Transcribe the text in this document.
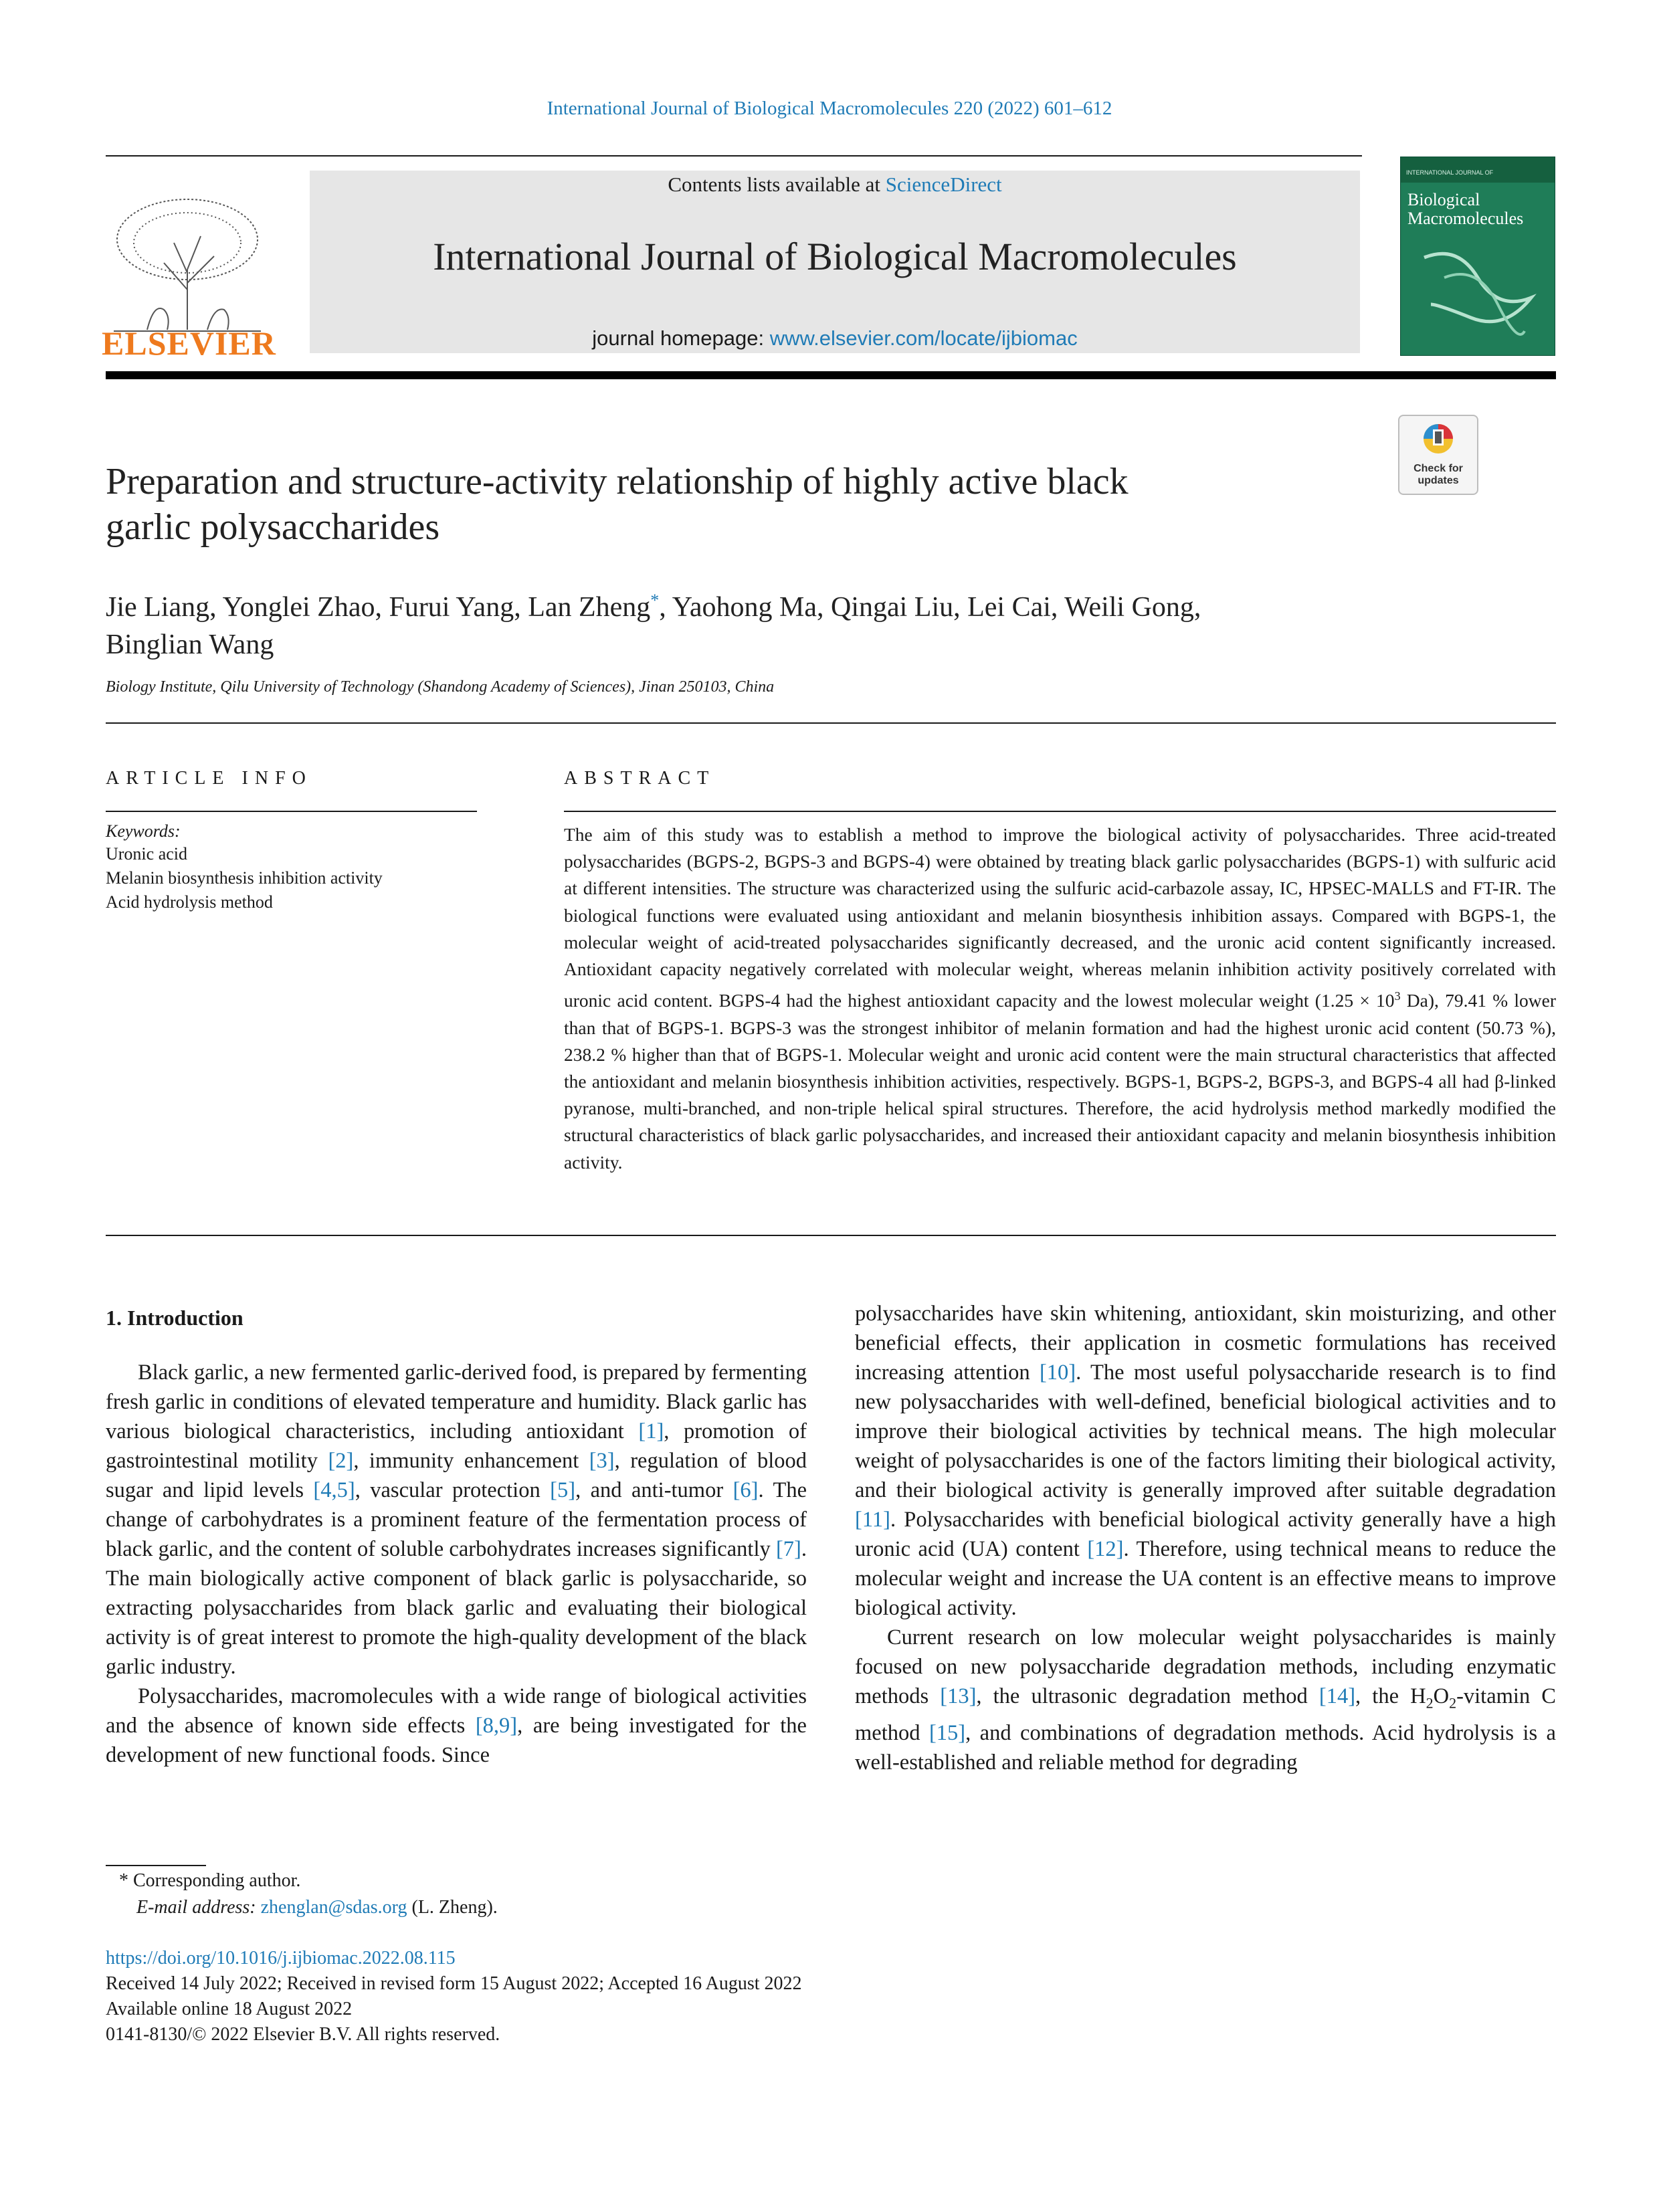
International Journal of Biological Macromolecules 220 (2022) 601–612
ELSEVIER
Contents lists available at ScienceDirect
International Journal of Biological Macromolecules
journal homepage: www.elsevier.com/locate/ijbiomac
INTERNATIONAL JOURNAL OF
Biological Macromolecules
Check for updates
Preparation and structure-activity relationship of highly active black
garlic polysaccharides
Jie Liang, Yonglei Zhao, Furui Yang, Lan Zheng*, Yaohong Ma, Qingai Liu, Lei Cai, Weili Gong,
Binglian Wang
Biology Institute, Qilu University of Technology (Shandong Academy of Sciences), Jinan 250103, China
ARTICLE INFO
Keywords:
Uronic acid
Melanin biosynthesis inhibition activity
Acid hydrolysis method
ABSTRACT
The aim of this study was to establish a method to improve the biological activity of polysaccharides. Three acid-treated polysaccharides (BGPS-2, BGPS-3 and BGPS-4) were obtained by treating black garlic polysaccharides (BGPS-1) with sulfuric acid at different intensities. The structure was characterized using the sulfuric acid-carbazole assay, IC, HPSEC-MALLS and FT-IR. The biological functions were evaluated using antioxidant and melanin biosynthesis inhibition assays. Compared with BGPS-1, the molecular weight of acid-treated polysaccharides significantly decreased, and the uronic acid content significantly increased. Antioxidant capacity negatively correlated with molecular weight, whereas melanin inhibition activity positively correlated with uronic acid content. BGPS-4 had the highest antioxidant capacity and the lowest molecular weight ($1.25 \times 10^3$ Da), 79.41 % lower than that of BGPS-1. BGPS-3 was the strongest inhibitor of melanin formation and had the highest uronic acid content (50.73 %), 238.2 % higher than that of BGPS-1. Molecular weight and uronic acid content were the main structural characteristics that affected the antioxidant and melanin biosynthesis inhibition activities, respectively. BGPS-1, BGPS-2, BGPS-3, and BGPS-4 all had β-linked pyranose, multi-branched, and non-triple helical spiral structures. Therefore, the acid hydrolysis method markedly modified the structural characteristics of black garlic polysaccharides, and increased their antioxidant capacity and melanin biosynthesis inhibition activity.
1. Introduction

Black garlic, a new fermented garlic-derived food, is prepared by fermenting fresh garlic in conditions of elevated temperature and humidity. Black garlic has various biological characteristics, including antioxidant [1], promotion of gastrointestinal motility [2], immunity enhancement [3], regulation of blood sugar and lipid levels [4,5], vascular protection [5], and anti-tumor [6]. The change of carbohydrates is a prominent feature of the fermentation process of black garlic, and the content of soluble carbohydrates increases significantly [7]. The main biologically active component of black garlic is polysaccharide, so extracting polysaccharides from black garlic and evaluating their biological activity is of great interest to promote the high-quality development of the black garlic industry.

Polysaccharides, macromolecules with a wide range of biological activities and the absence of known side effects [8,9], are being investigated for the development of new functional foods. Since

polysaccharides have skin whitening, antioxidant, skin moisturizing, and other beneficial effects, their application in cosmetic formulations has received increasing attention [10]. The most useful polysaccharide research is to find new polysaccharides with well-defined, beneficial biological activities and to improve their biological activities by technical means. The high molecular weight of polysaccharides is one of the factors limiting their biological activity, and their biological activity is generally improved after suitable degradation [11]. Polysaccharides with beneficial biological activity generally have a high uronic acid (UA) content [12]. Therefore, using technical means to reduce the molecular weight and increase the UA content is an effective means to improve biological activity.

Current research on low molecular weight polysaccharides is mainly focused on new polysaccharide degradation methods, including enzymatic methods [13], the ultrasonic degradation method [14], the $H_2O_2$-vitamin C method [15], and combinations of degradation methods. Acid hydrolysis is a well-established and reliable method for degrading

* Corresponding author.
E-mail address: zhenglan@sdas.org (L. Zheng).
https://doi.org/10.1016/j.ijbiomac.2022.08.115
Received 14 July 2022; Received in revised form 15 August 2022; Accepted 16 August 2022
Available online 18 August 2022
0141-8130/© 2022 Elsevier B.V. All rights reserved.
